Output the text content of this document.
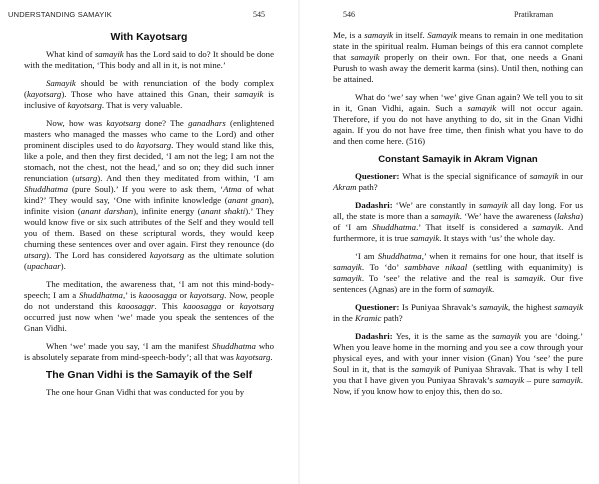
UNDERSTANDING SAMAYIK	545
With Kayotsarg

What kind of samayik has the Lord said to do? It should be done with the meditation, ‘This body and all in it, is not mine.’

Samayik should be with renunciation of the body complex (kayotsarg). Those who have attained this Gnan, their samayik is inclusive of kayotsarg. That is very valuable.

Now, how was kayotsarg done? The ganadhars (enlightened masters who managed the masses who came to the Lord) and other prominent disciples used to do kayotsarg. They would stand like this, like a pole, and then they first decided, ‘I am not the leg; I am not the stomach, not the chest, not the head,’ and so on; they did such inner renunciation (utsarg). And then they meditated from within, ‘I am Shuddhatma (pure Soul).’ If you were to ask them, ‘Atma of what kind?’ They would say, ‘One with infinite knowledge (anant gnan), infinite vision (anant darshan), infinite energy (anant shakti).’ They would know five or six such attributes of the Self and they would tell you of them. Based on these scriptural words, they would keep churning these sentences over and over again. First they renounce (do utsarg). The Lord has considered kayotsarg as the ultimate solution (upachaar).

The meditation, the awareness that, ‘I am not this mind-body-speech; I am a Shuddhatma,’ is kaoosagga or kayotsarg. Now, people do not understand this kaoosaggr. This kaoosagga or kayotsarg occurred just now when ‘we’ made you speak the sentences of the Gnan Vidhi.

When ‘we’ made you say, ‘I am the manifest Shuddhatma who is absolutely separate from mind-speech-body’; all that was kayotsarg.

The Gnan Vidhi is the Samayik of the Self

The one hour Gnan Vidhi that was conducted for you by

546	Pratikraman

Me, is a samayik in itself. Samayik means to remain in one meditation state in the spiritual realm. Human beings of this era cannot complete that samayik properly on their own. For that, one needs a Gnani Purush to wash away the demerit karma (sins). Until then, nothing can be attained.

What do ‘we’ say when ‘we’ give Gnan again? We tell you to sit in it, Gnan Vidhi, again. Such a samayik will not occur again. Therefore, if you do not have anything to do, sit in the Gnan Vidhi again. If you do not have free time, then finish what you have to do and then come here. (516)

Constant Samayik in Akram Vignan

Questioner: What is the special significance of samayik in our Akram path?

Dadashri: ‘We’ are constantly in samayik all day long. For us all, the state is more than a samayik. ‘We’ have the awareness (laksha) of ‘I am Shuddhatma.’ That itself is considered a samayik. And furthermore, it is true samayik. It stays with ‘us’ the whole day.

‘I am Shuddhatma,’ when it remains for one hour, that itself is samayik. To ‘do’ sambhave nikaal (settling with equanimity) is samayik. To ‘see’ the relative and the real is samayik. Our five sentences (Agnas) are in the form of samayik.

Questioner: Is Puniyaa Shravak’s samayik, the highest samayik in the Kramic path?

Dadashri: Yes, it is the same as the samayik you are ‘doing.’ When you leave home in the morning and you see a cow through your physical eyes, and with your inner vision (Gnan) You ‘see’ the pure Soul in it, that is the samayik of Puniyaa Shravak. That is why I tell you that I have given you Puniyaa Shravak’s samayik – pure samayik. Now, if you know how to enjoy this, then do so.
